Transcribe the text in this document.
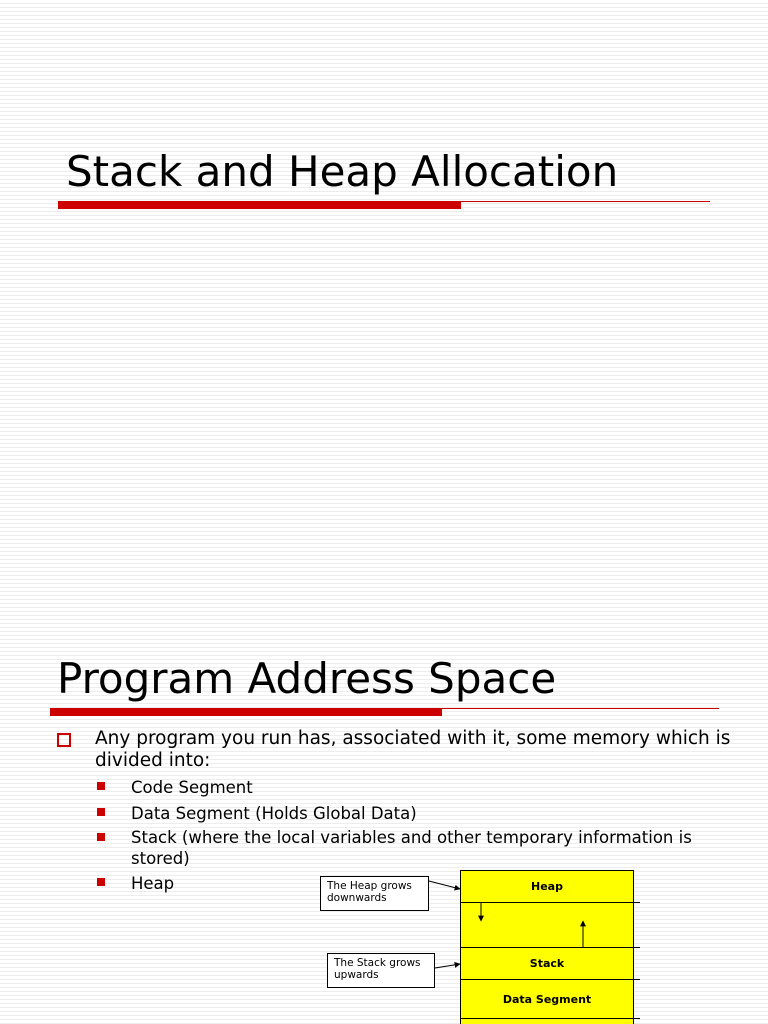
Stack and Heap Allocation
Program Address Space
Any program you run has, associated with it, some memory which is divided into:
Code Segment
Data Segment (Holds Global Data)
Stack (where the local variables and other temporary information is stored)
Heap	Heap
Stack
Data Segment
The Heap grows downwards
The Stack grows upwards
